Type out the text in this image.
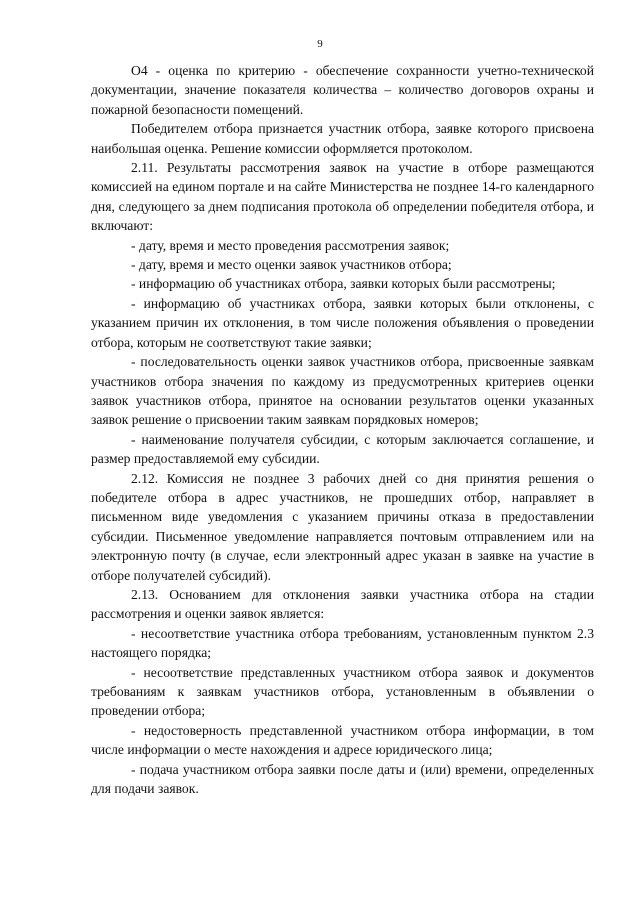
9

О4 - оценка по критерию - обеспечение сохранности учетно-технической документации, значение показателя количества – количество договоров охраны и пожарной безопасности помещений.

Победителем отбора признается участник отбора, заявке которого присвоена наибольшая оценка. Решение комиссии оформляется протоколом.

2.11. Результаты рассмотрения заявок на участие в отборе размещаются комиссией на едином портале и на сайте Министерства не позднее 14-го календарного дня, следующего за днем подписания протокола об определении победителя отбора, и включают:

- дату, время и место проведения рассмотрения заявок;

- дату, время и место оценки заявок участников отбора;

- информацию об участниках отбора, заявки которых были рассмотрены;

- информацию об участниках отбора, заявки которых были отклонены, с указанием причин их отклонения, в том числе положения объявления о проведении отбора, которым не соответствуют такие заявки;

- последовательность оценки заявок участников отбора, присвоенные заявкам участников отбора значения по каждому из предусмотренных критериев оценки заявок участников отбора, принятое на основании результатов оценки указанных заявок решение о присвоении таким заявкам порядковых номеров;

- наименование получателя субсидии, с которым заключается соглашение, и размер предоставляемой ему субсидии.

2.12. Комиссия не позднее 3 рабочих дней со дня принятия решения о победителе отбора в адрес участников, не прошедших отбор, направляет в письменном виде уведомления с указанием причины отказа в предоставлении субсидии. Письменное уведомление направляется почтовым отправлением или на электронную почту (в случае, если электронный адрес указан в заявке на участие в отборе получателей субсидий).

2.13. Основанием для отклонения заявки участника отбора на стадии рассмотрения и оценки заявок является:

- несоответствие участника отбора требованиям, установленным пунктом 2.3 настоящего порядка;

- несоответствие представленных участником отбора заявок и документов требованиям к заявкам участников отбора, установленным в объявлении о проведении отбора;

- недостоверность представленной участником отбора информации, в том числе информации о месте нахождения и адресе юридического лица;

- подача участником отбора заявки после даты и (или) времени, определенных для подачи заявок.
